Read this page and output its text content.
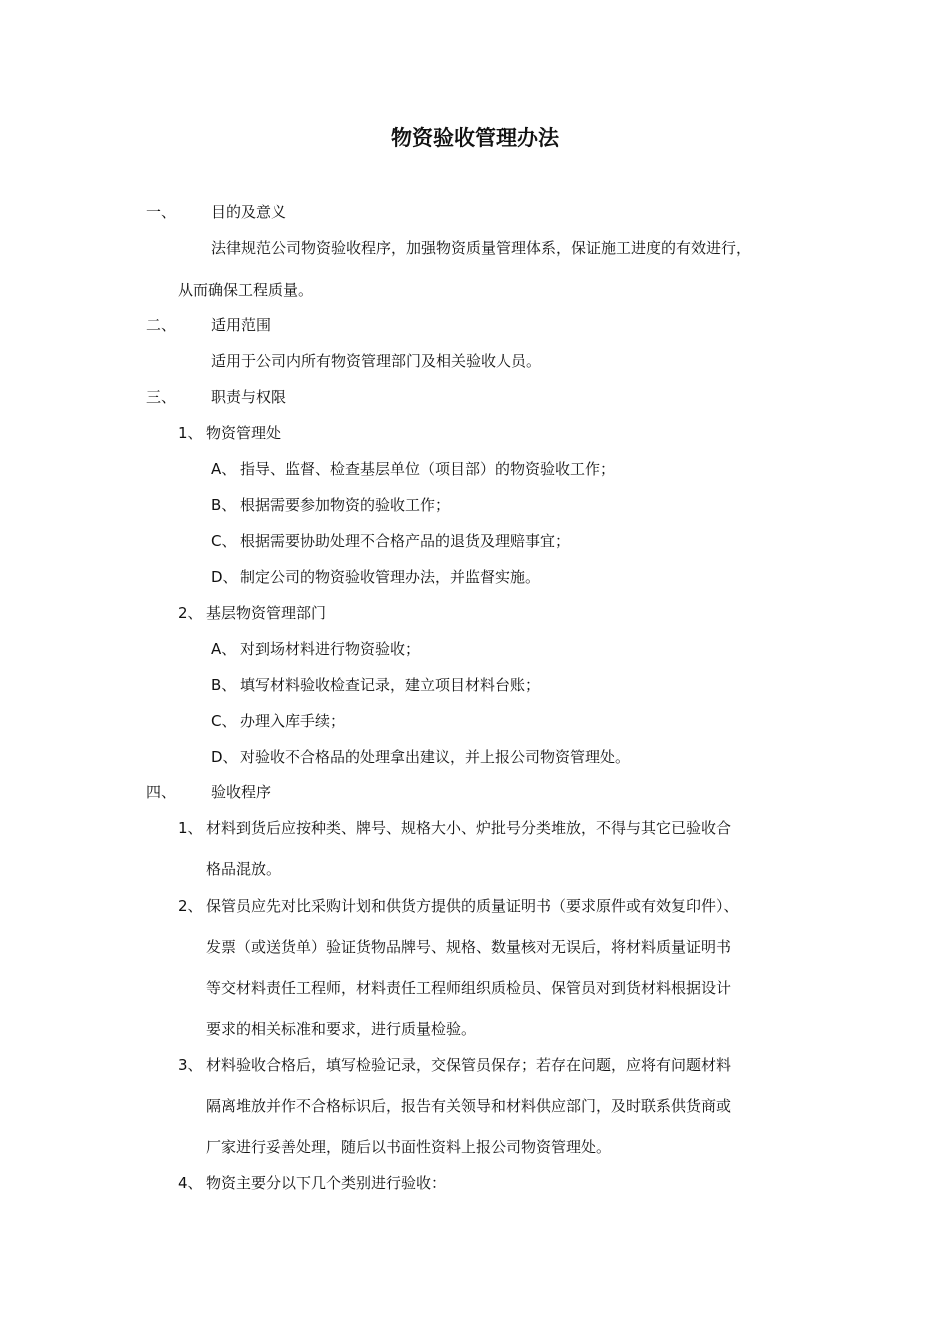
物资验收管理办法
一、 目的及意义
法律规范公司物资验收程序，加强物资质量管理体系，保证施工进度的有效进行，
从而确保工程质量。
二、 适用范围
适用于公司内所有物资管理部门及相关验收人员。
三、 职责与权限
1、 物资管理处
A、 指导、监督、检查基层单位（项目部）的物资验收工作；
B、 根据需要参加物资的验收工作；
C、 根据需要协助处理不合格产品的退货及理赔事宜；
D、 制定公司的物资验收管理办法，并监督实施。
2、 基层物资管理部门
A、 对到场材料进行物资验收；
B、 填写材料验收检查记录，建立项目材料台账；
C、 办理入库手续；
D、 对验收不合格品的处理拿出建议，并上报公司物资管理处。
四、 验收程序
1、 材料到货后应按种类、牌号、规格大小、炉批号分类堆放，不得与其它已验收合
格品混放。
2、 保管员应先对比采购计划和供货方提供的质量证明书（要求原件或有效复印件）、
发票（或送货单）验证货物品牌号、规格、数量核对无误后，将材料质量证明书
等交材料责任工程师，材料责任工程师组织质检员、保管员对到货材料根据设计
要求的相关标准和要求，进行质量检验。
3、 材料验收合格后，填写检验记录，交保管员保存；若存在问题，应将有问题材料
隔离堆放并作不合格标识后，报告有关领导和材料供应部门，及时联系供货商或
厂家进行妥善处理，随后以书面性资料上报公司物资管理处。
4、 物资主要分以下几个类别进行验收：
